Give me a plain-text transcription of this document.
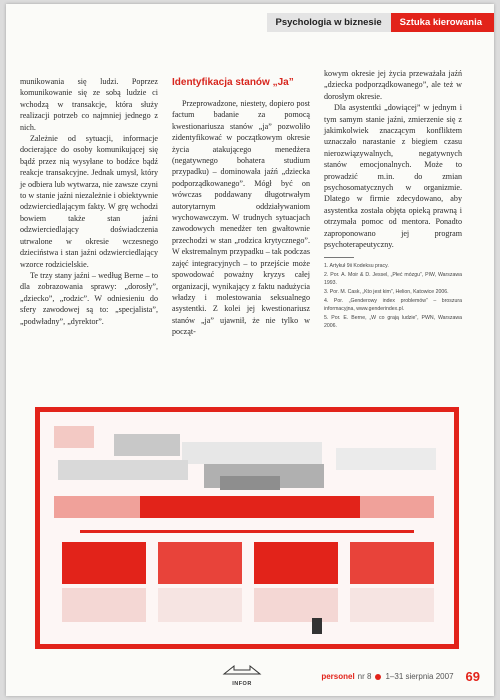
Psychologia w biznesie	Sztuka kierowania

munikowania się ludzi. Poprzez komunikowanie się ze sobą ludzie ci wchodzą w transakcje, która służy realizacji potrzeb co najmniej jednego z nich.

Zależnie od sytuacji, informacje docierające do osoby komunikującej się bądź przez nią wysyłane to bodźce bądź reakcje transakcyjne. Jednak umysł, który je odbiera lub wytwarza, nie zawsze czyni to w stanie jaźni niezależnie i obiektywnie odzwierciedlającym fakty. W grę wchodzi bowiem także stan jaźni odzwierciedlający doświadczenia utrwalone w okresie wczesnego dzieciństwa i stan jaźni odzwierciedlający wzorce rodzicielskie.

Te trzy stany jaźni – według Berne – to dla zobrazowania sprawy: „dorosły”, „dziecko”, „rodzic”. W odniesieniu do sfery zawodowej są to: „specjalista”, „podwładny”, „dyrektor”.

Identyfikacja stanów „Ja”

Przeprowadzone, niestety, dopiero post factum badanie za pomocą kwestionariusza stanów „ja” pozwoliło zidentyfikować w początkowym okresie życia atakującego menedżera (negatywnego bohatera studium przypadku) – dominowała jaźń „dziecka podporządkowanego”. Mógł być on wówczas poddawany długotrwałym autorytarnym oddziaływaniom wychowawczym. W trudnych sytuacjach zawodowych menedżer ten gwałtownie przechodzi w stan „rodzica krytycznego”. W ekstremalnym przypadku – tak podczas zajęć integracyjnych – to przejście może spowodować poważny kryzys całej organizacji, wynikający z faktu nadużycia władzy i molestowania seksualnego asystentki. Z kolei jej kwestionariusz stanów „ja” ujawnił, że nie tylko w począt-

kowym okresie jej życia przeważała jaźń „dziecka podporządkowanego”, ale też w dorosłym okresie.

Dla asystentki „dowiącej” w jednym i tym samym stanie jaźni, zmierzenie się z jakimkolwiek znaczącym konfliktem uznaczało narastanie z biegiem czasu nierozwiązywalnych, negatywnych stanów emocjonalnych. Może to prowadzić m.in. do zmian psychosomatycznych w organizmie. Dlatego w firmie zdecydowano, aby asystentka została objęta opieką prawną i otrzymała pomoc od mentora. Ponadto zaproponowano jej program psychoterapeutyczny.

1. Artykuł 9ii Kodeksu pracy.
2. Por. A. Moir & D. Jessel, „Płeć mózgu”, PIW, Warszawa 1993.
3. Por. M. Cask, „Kto jest kim”, Helion, Katowice 2006.
4. Por. „Genderowy index problemów” – broszura informacyjna, www.genderindex.pl.
5. Por. E. Berne, „W co grają ludzie”, PWN, Warszawa 2006.
INFOR
personel nr 8 1–31 sierpnia 2007 69
